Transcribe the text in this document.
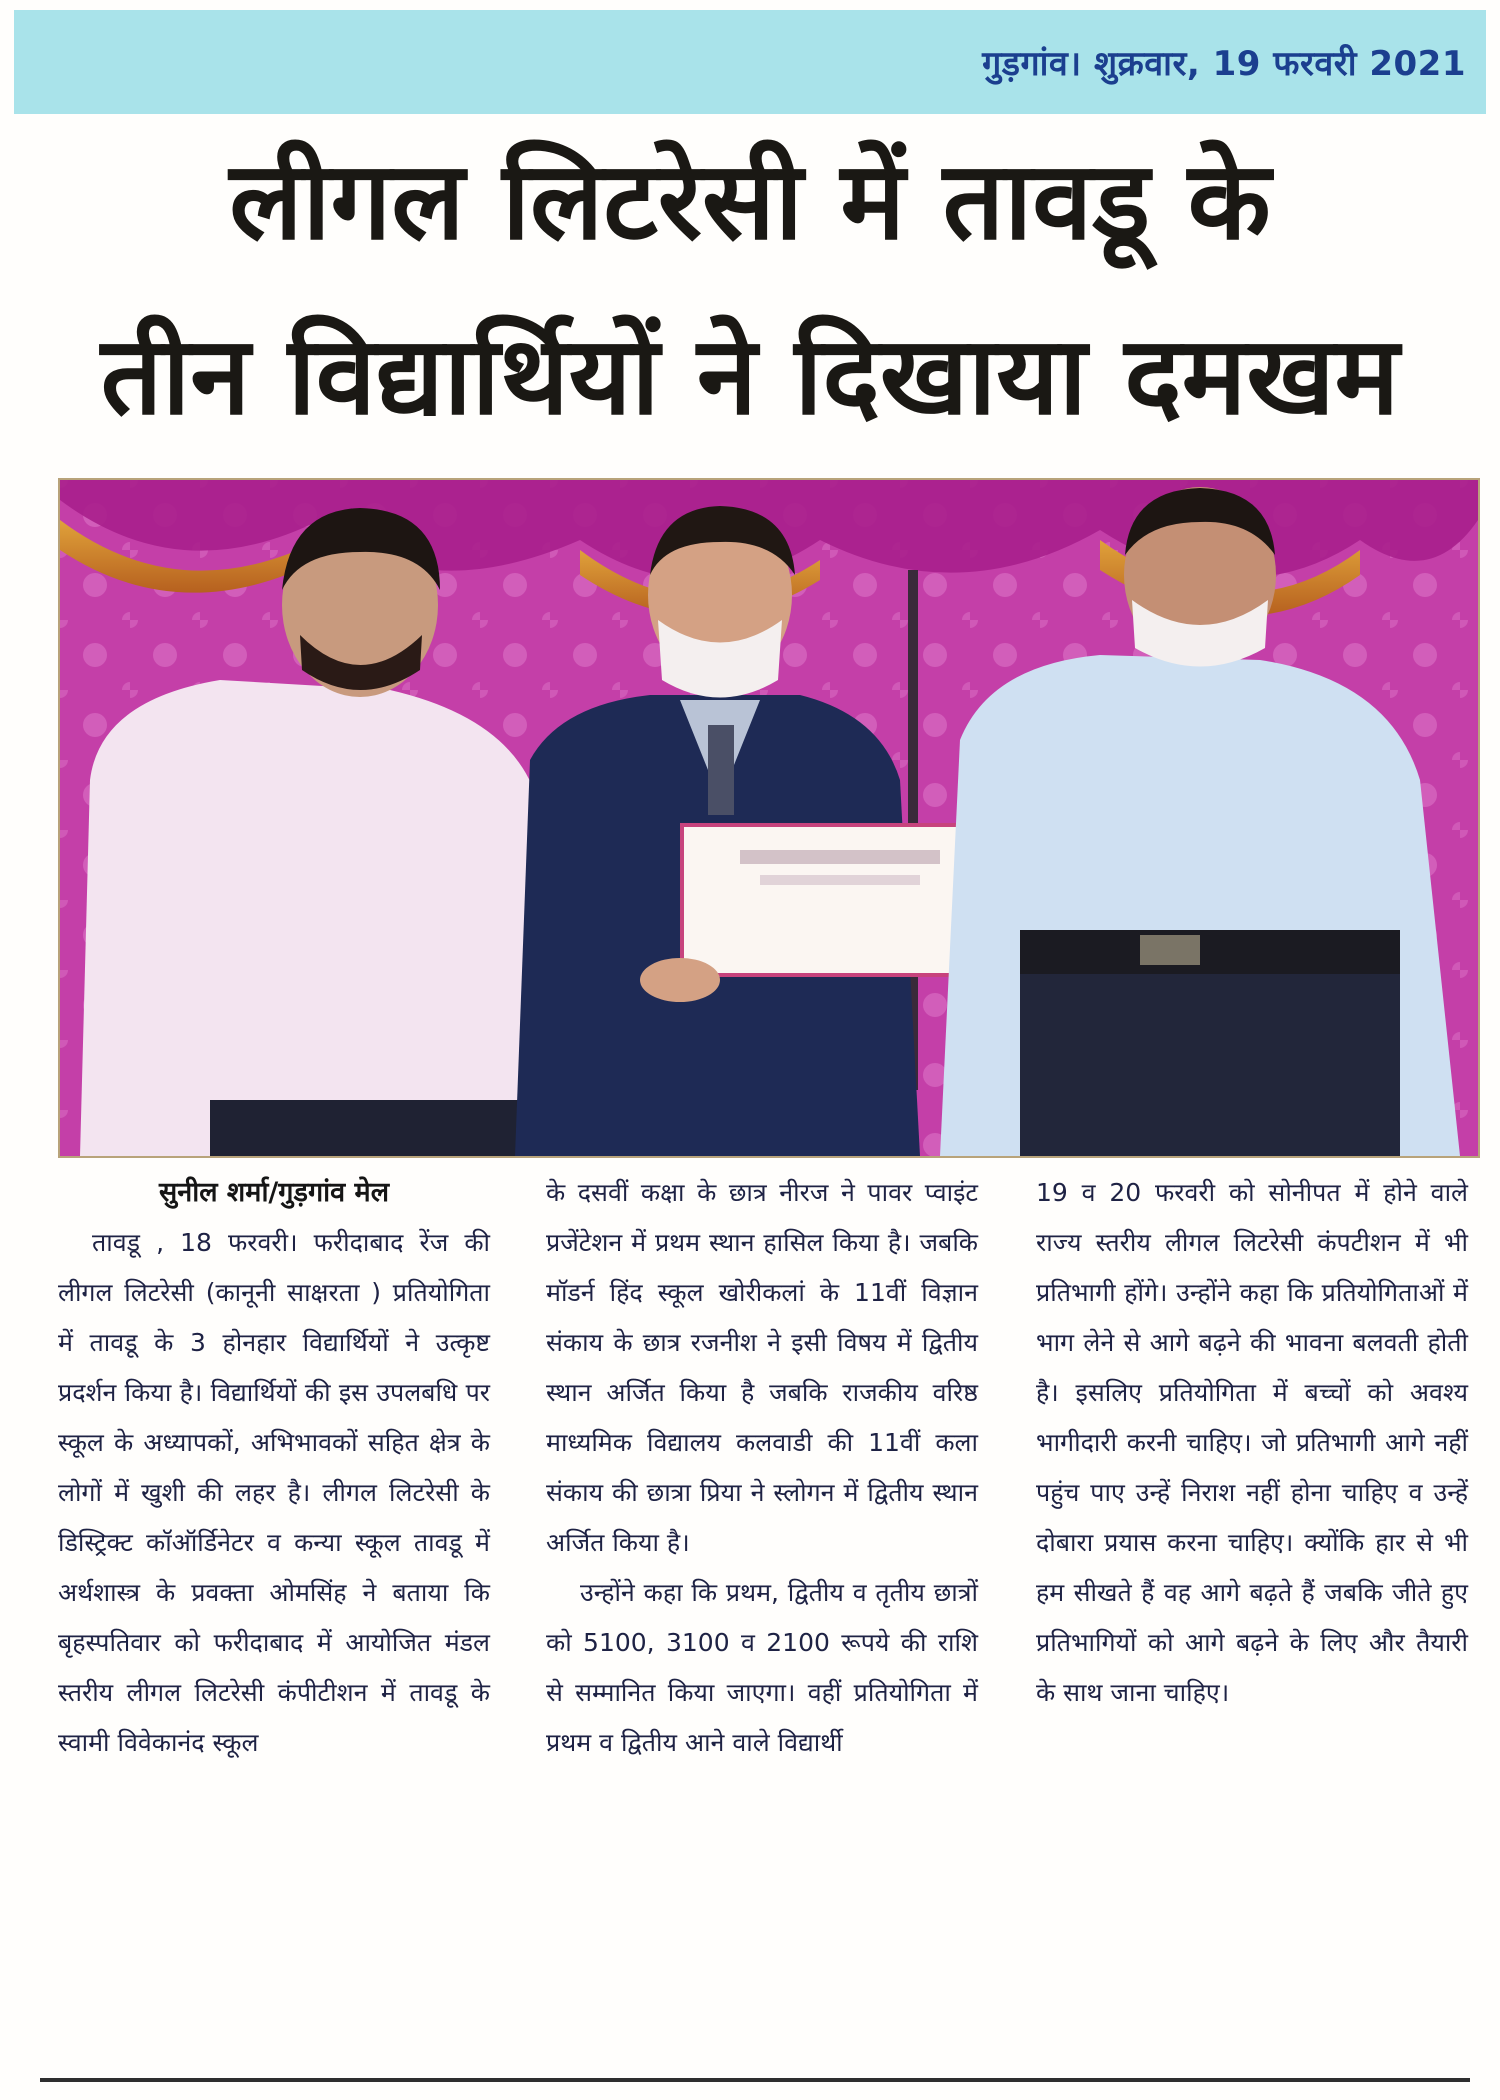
गुड़गांव। शुक्रवार, 19 फरवरी 2021
लीगल लिटरेसी में तावडू के
तीन विद्यार्थियों ने दिखाया दमखम

सुनील शर्मा/गुड़गांव मेल

तावडू , 18 फरवरी। फरीदाबाद रेंज की लीगल लिटरेसी (कानूनी साक्षरता ) प्रतियोगिता में तावडू के 3 होनहार विद्यार्थियों ने उत्कृष्ट प्रदर्शन किया है। विद्यार्थियों की इस उपलबधि पर स्कूल के अध्यापकों, अभिभावकों सहित क्षेत्र के लोगों में खुशी की लहर है। लीगल लिटरेसी के डिस्ट्रिक्ट कॉऑर्डिनेटर व कन्या स्कूल तावडू में अर्थशास्त्र के प्रवक्ता ओमसिंह ने बताया कि बृहस्पतिवार को फरीदाबाद में आयोजित मंडल स्तरीय लीगल लिटरेसी कंपीटीशन में तावडू के स्वामी विवेकानंद स्कूल

के दसवीं कक्षा के छात्र नीरज ने पावर प्वाइंट प्रजेंटेशन में प्रथम स्थान हासिल किया है। जबकि मॉडर्न हिंद स्कूल खोरीकलां के 11वीं विज्ञान संकाय के छात्र रजनीश ने इसी विषय में द्वितीय स्थान अर्जित किया है जबकि राजकीय वरिष्ठ माध्यमिक विद्यालय कलवाडी की 11वीं कला संकाय की छात्रा प्रिया ने स्लोगन में द्वितीय स्थान अर्जित किया है।

उन्होंने कहा कि प्रथम, द्वितीय व तृतीय छात्रों को 5100, 3100 व 2100 रूपये की राशि से सम्मानित किया जाएगा। वहीं प्रतियोगिता में प्रथम व द्वितीय आने वाले विद्यार्थी

19 व 20 फरवरी को सोनीपत में होने वाले राज्य स्तरीय लीगल लिटरेसी कंपटीशन में भी प्रतिभागी होंगे। उन्होंने कहा कि प्रतियोगिताओं में भाग लेने से आगे बढ़ने की भावना बलवती होती है। इसलिए प्रतियोगिता में बच्चों को अवश्य भागीदारी करनी चाहिए। जो प्रतिभागी आगे नहीं पहुंच पाए उन्हें निराश नहीं होना चाहिए व उन्हें दोबारा प्रयास करना चाहिए। क्योंकि हार से भी हम सीखते हैं वह आगे बढ़ते हैं जबकि जीते हुए प्रतिभागियों को आगे बढ़ने के लिए और तैयारी के साथ जाना चाहिए।
